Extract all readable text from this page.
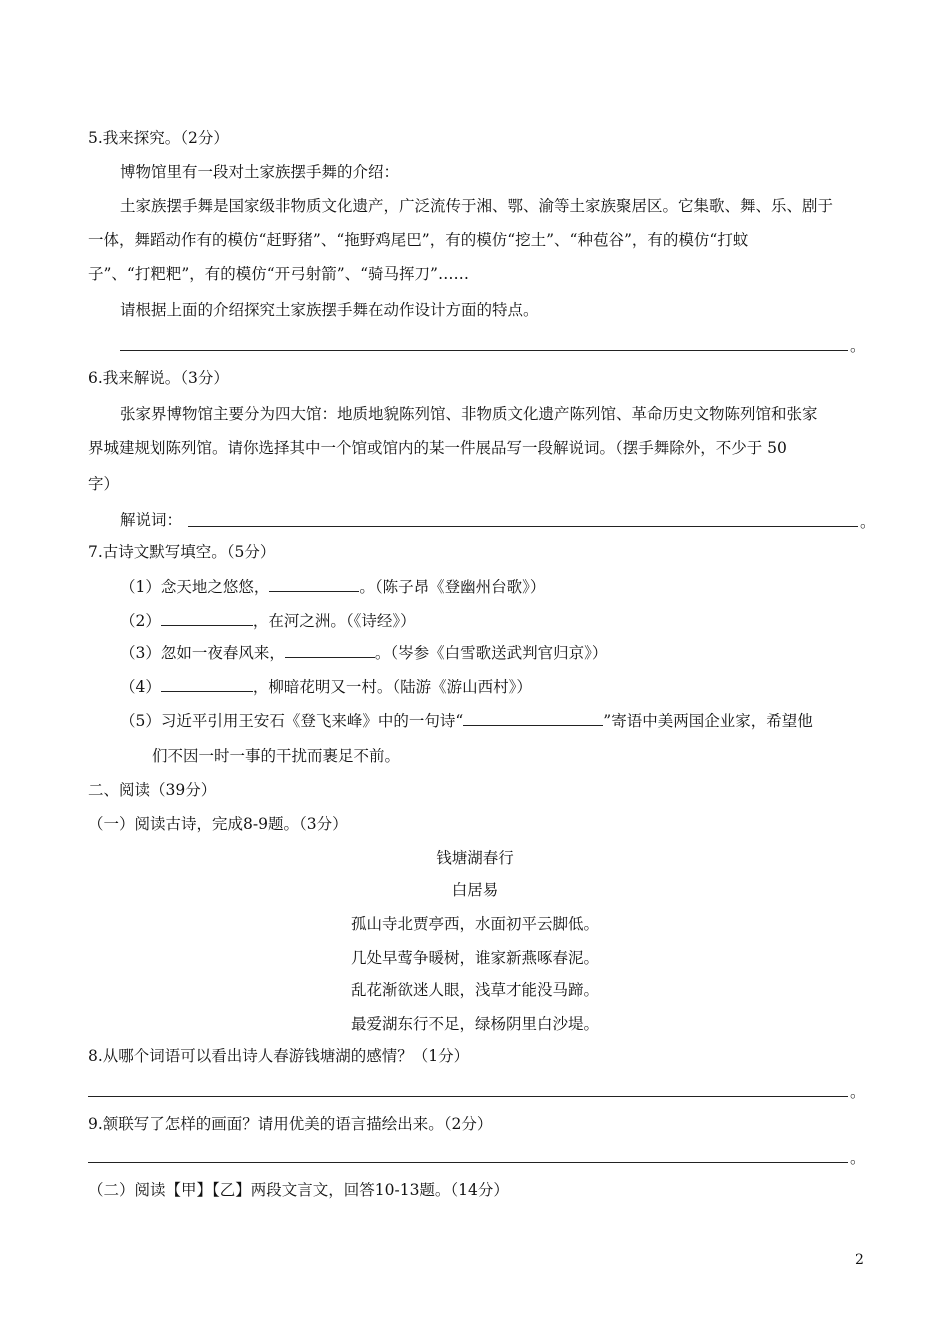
5.我来探究。（2分）
博物馆里有一段对土家族摆手舞的介绍：
土家族摆手舞是国家级非物质文化遗产，广泛流传于湘、鄂、渝等土家族聚居区。它集歌、舞、乐、剧于
一体，舞蹈动作有的模仿“赶野猪”、“拖野鸡尾巴”，有的模仿“挖土”、“种苞谷”，有的模仿“打蚊
子”、“打粑粑”，有的模仿“开弓射箭”、“骑马挥刀”……
请根据上面的介绍探究土家族摆手舞在动作设计方面的特点。
。
6.我来解说。（3分）
张家界博物馆主要分为四大馆：地质地貌陈列馆、非物质文化遗产陈列馆、革命历史文物陈列馆和张家
界城建规划陈列馆。请你选择其中一个馆或馆内的某一件展品写一段解说词。（摆手舞除外，不少于 50
字）
解说词：	。
7.古诗文默写填空。（5分）
（1）念天地之悠悠，	。（陈子昂《登幽州台歌》）
（2）	，在河之洲。（《诗经》）
（3）忽如一夜春风来，	。（岑参《白雪歌送武判官归京》）
（4）	，柳暗花明又一村。（陆游《游山西村》）
（5）习近平引用王安石《登飞来峰》中的一句诗“	”寄语中美两国企业家，希望他
们不因一时一事的干扰而裹足不前。
二、阅读（39分）
（一）阅读古诗，完成8-9题。（3分）
钱塘湖春行
白居易
孤山寺北贾亭西，水面初平云脚低。
几处早莺争暖树，谁家新燕啄春泥。
乱花渐欲迷人眼，浅草才能没马蹄。
最爱湖东行不足，绿杨阴里白沙堤。
8.从哪个词语可以看出诗人春游钱塘湖的感情？（1分）
。
9.颔联写了怎样的画面？请用优美的语言描绘出来。（2分）
。
（二）阅读【甲】【乙】两段文言文，回答10-13题。（14分）
2
